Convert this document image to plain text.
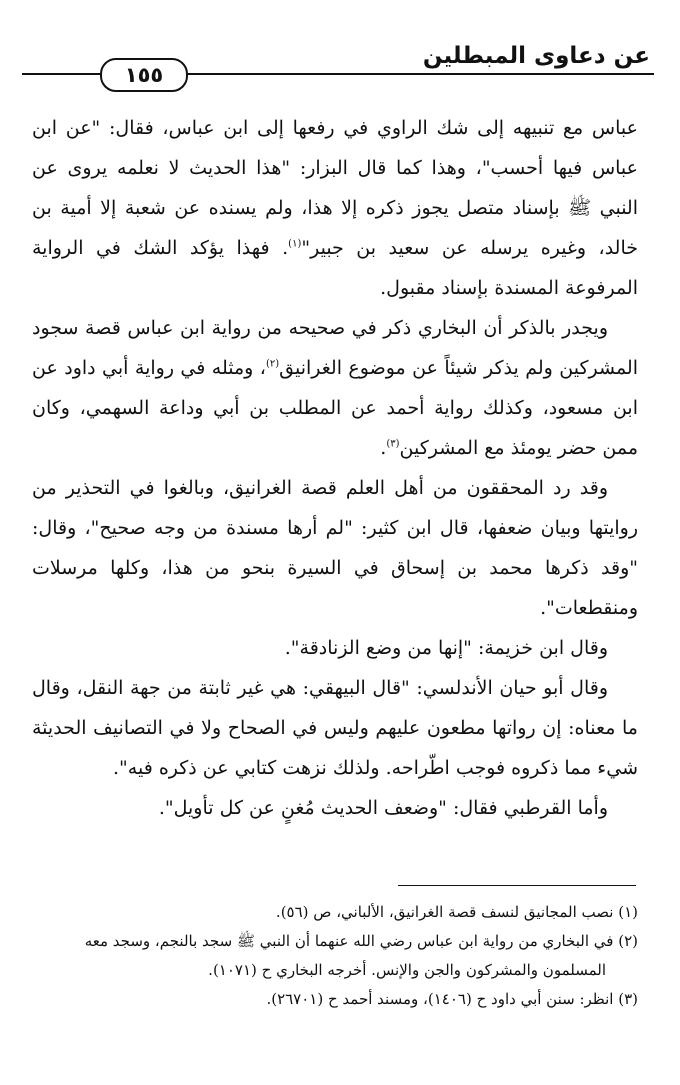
عن دعاوى المبطلين
١٥٥

عباس مع تنبيهه إلى شك الراوي في رفعها إلى ابن عباس، فقال: "عن ابن عباس فيها أحسب"، وهذا كما قال البزار: "هذا الحديث لا نعلمه يروى عن النبي ﷺ بإسناد متصل يجوز ذكره إلا هذا، ولم يسنده عن شعبة إلا أمية بن خالد، وغيره يرسله عن سعيد بن جبير"$^{(١)}$. فهذا يؤكد الشك في الرواية المرفوعة المسندة بإسناد مقبول.

ويجدر بالذكر أن البخاري ذكر في صحيحه من رواية ابن عباس قصة سجود المشركين ولم يذكر شيئاً عن موضوع الغرانيق$^{(٢)}$، ومثله في رواية أبي داود عن ابن مسعود، وكذلك رواية أحمد عن المطلب بن أبي وداعة السهمي، وكان ممن حضر يومئذ مع المشركين$^{(٣)}$.

وقد رد المحققون من أهل العلم قصة الغرانيق، وبالغوا في التحذير من روايتها وبيان ضعفها، قال ابن كثير: "لم أرها مسندة من وجه صحيح"، وقال: "وقد ذكرها محمد بن إسحاق في السيرة بنحو من هذا، وكلها مرسلات ومنقطعات".

وقال ابن خزيمة: "إنها من وضع الزنادقة".

وقال أبو حيان الأندلسي: "قال البيهقي: هي غير ثابتة من جهة النقل، وقال ما معناه: إن رواتها مطعون عليهم وليس في الصحاح ولا في التصانيف الحديثة شيء مما ذكروه فوجب اطّراحه. ولذلك نزهت كتابي عن ذكره فيه".

وأما القرطبي فقال: "وضعف الحديث مُغنٍ عن كل تأويل".

(١) نصب المجانيق لنسف قصة الغرانيق، الألباني، ص (٥٦).

(٢) في البخاري من رواية ابن عباس رضي الله عنهما أن النبي ﷺ سجد بالنجم، وسجد معه

المسلمون والمشركون والجن والإنس. أخرجه البخاري ح (١٠٧١).

(٣) انظر: سنن أبي داود ح (١٤٠٦)، ومسند أحمد ح (٢٦٧٠١).
